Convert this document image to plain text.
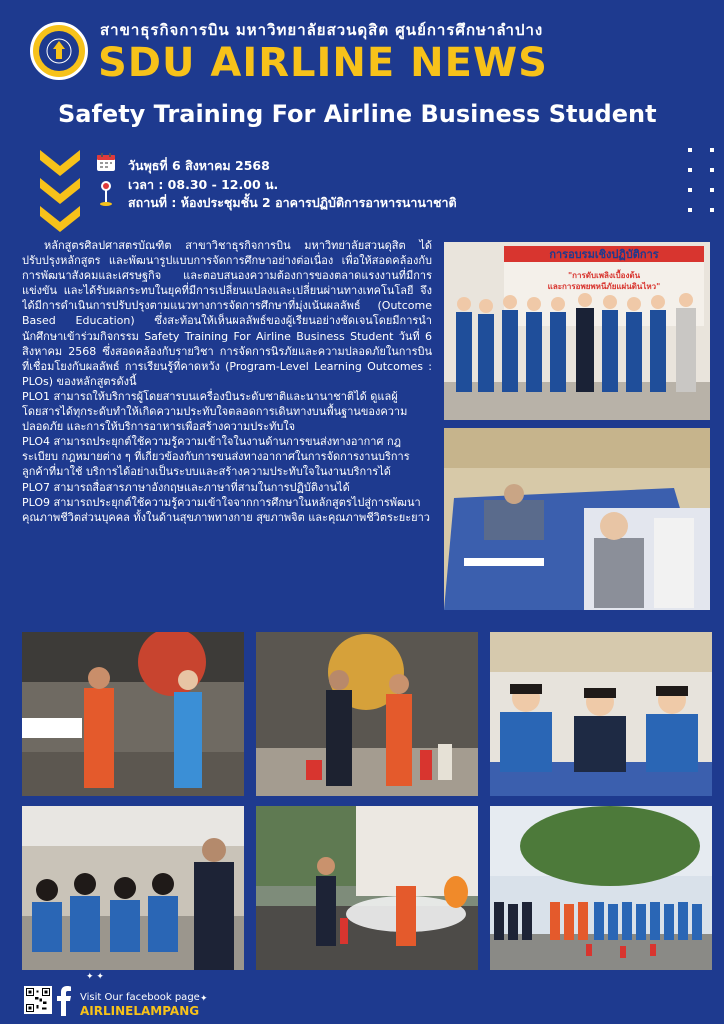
สาขาธุรกิจการบิน มหาวิทยาลัยสวนดุสิต ศูนย์การศึกษาลำปาง
SDU AIRLINE NEWS
Safety Training For Airline Business Student
วันพุธที่ 6 สิงหาคม 2568
เวลา : 08.30 - 12.00 น.
สถานที่ : ห้องประชุมชั้น 2 อาคารปฏิบัติการอาหารนานาชาติ

หลักสูตรศิลปศาสตรบัณฑิต สาขาวิชาธุรกิจการบิน มหาวิทยาลัยสวนดุสิต ได้ปรับปรุงหลักสูตร และพัฒนารูปแบบการจัดการศึกษาอย่างต่อเนื่อง เพื่อให้สอดคล้องกับการพัฒนาสังคมและเศรษฐกิจ และตอบสนองความต้องการของตลาดแรงงานที่มีการแข่งขัน และได้รับผลกระทบในยุคที่มีการเปลี่ยนแปลงและเปลี่ยนผ่านทางเทคโนโลยี จึงได้มีการดำเนินการปรับปรุงตามแนวทางการจัดการศึกษาที่มุ่งเน้นผลลัพธ์ (Outcome Based Education) ซึ่งสะท้อนให้เห็นผลลัพธ์ของผู้เรียนอย่างชัดเจนโดยมีการนำนักศึกษาเข้าร่วมกิจกรรม Safety Training For Airline Business Student วันที่ 6 สิงหาคม 2568 ซึ่งสอดคล้องกับรายวิชา การจัดการนิรภัยและความปลอดภัยในการบิน ที่เชื่อมโยงกับผลลัพธ์ การเรียนรู้ที่คาดหวัง (Program-Level Learning Outcomes : PLOs) ของหลักสูตรดังนี้

PLO1 สามารถให้บริการผู้โดยสารบนเครื่องบินระดับชาติและนานาชาติได้ ดูแลผู้โดยสารได้ทุกระดับทำให้เกิดความประทับใจตลอดการเดินทางบนพื้นฐานของความปลอดภัย และการให้บริการอาหารเพื่อสร้างความประทับใจ
PLO4 สามารถประยุกต์ใช้ความรู้ความเข้าใจในงานด้านการขนส่งทางอากาศ กฎระเบียบ กฎหมายต่าง ๆ ที่เกี่ยวข้องกับการขนส่งทางอากาศในการจัดการงานบริการลูกค้าที่มาใช้ บริการได้อย่างเป็นระบบและสร้างความประทับใจในงานบริการได้
PLO7 สามารถสื่อสารภาษาอังกฤษและภาษาที่สามในการปฏิบัติงานได้
PLO9 สามารถประยุกต์ใช้ความรู้ความเข้าใจจากการศึกษาในหลักสูตรไปสู่การพัฒนาคุณภาพชีวิตส่วนบุคคล ทั้งในด้านสุขภาพทางกาย สุขภาพจิต และคุณภาพชีวิตระยะยาว
การอบรมเชิงปฏิบัติการ
"การดับเพลิงเบื้องต้น
และการอพยพหนีภัยแผ่นดินไหว"
✦ ✦
Visit Our facebook page
AIRLINELAMPANG
✦
